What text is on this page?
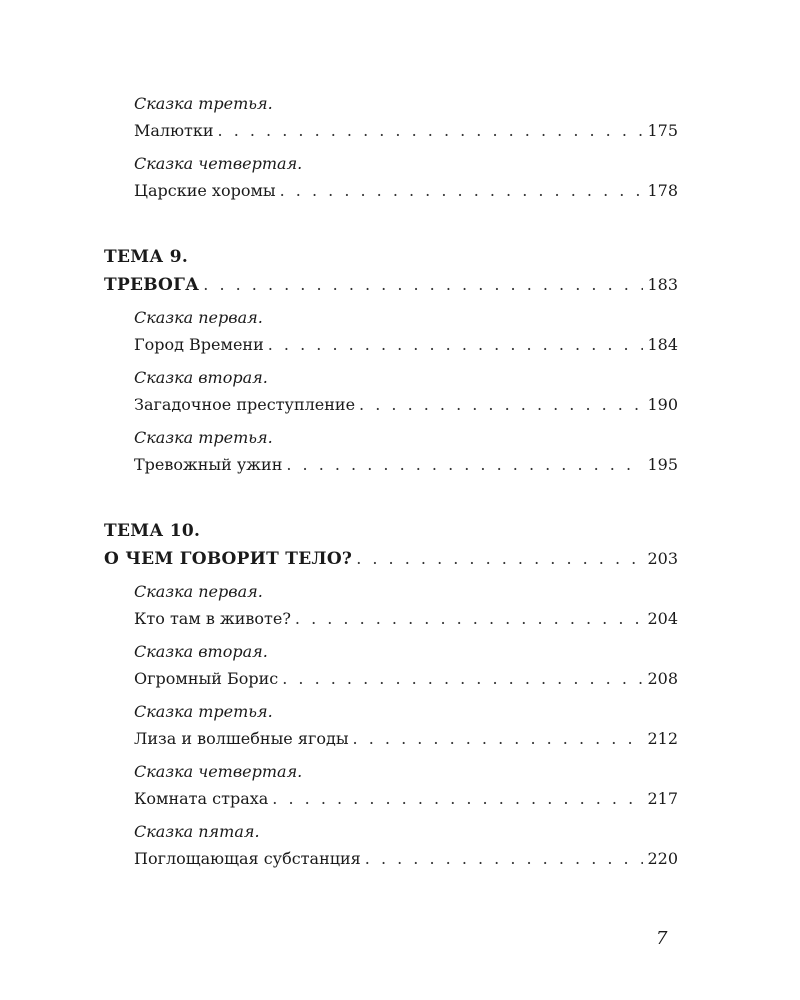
Сказка третья.
Малютки . . .	175
Сказка четвертая.
Царские хоромы . . .	178
ТЕМА 9.
ТРЕВОГА . . .	183
Сказка первая.
Город Времени . . .	184
Сказка вторая.
Загадочное преступление . . .	190
Сказка третья.
Тревожный ужин . . .	195
ТЕМА 10.
О ЧЕМ ГОВОРИТ ТЕЛО? . . .	203
Сказка первая.
Кто там в животе? . . .	204
Сказка вторая.
Огромный Борис . . .	208
Сказка третья.
Лиза и волшебные ягоды . . .	212
Сказка четвертая.
Комната страха . . .	217
Сказка пятая.
Поглощающая субстанция . . .	220
7
